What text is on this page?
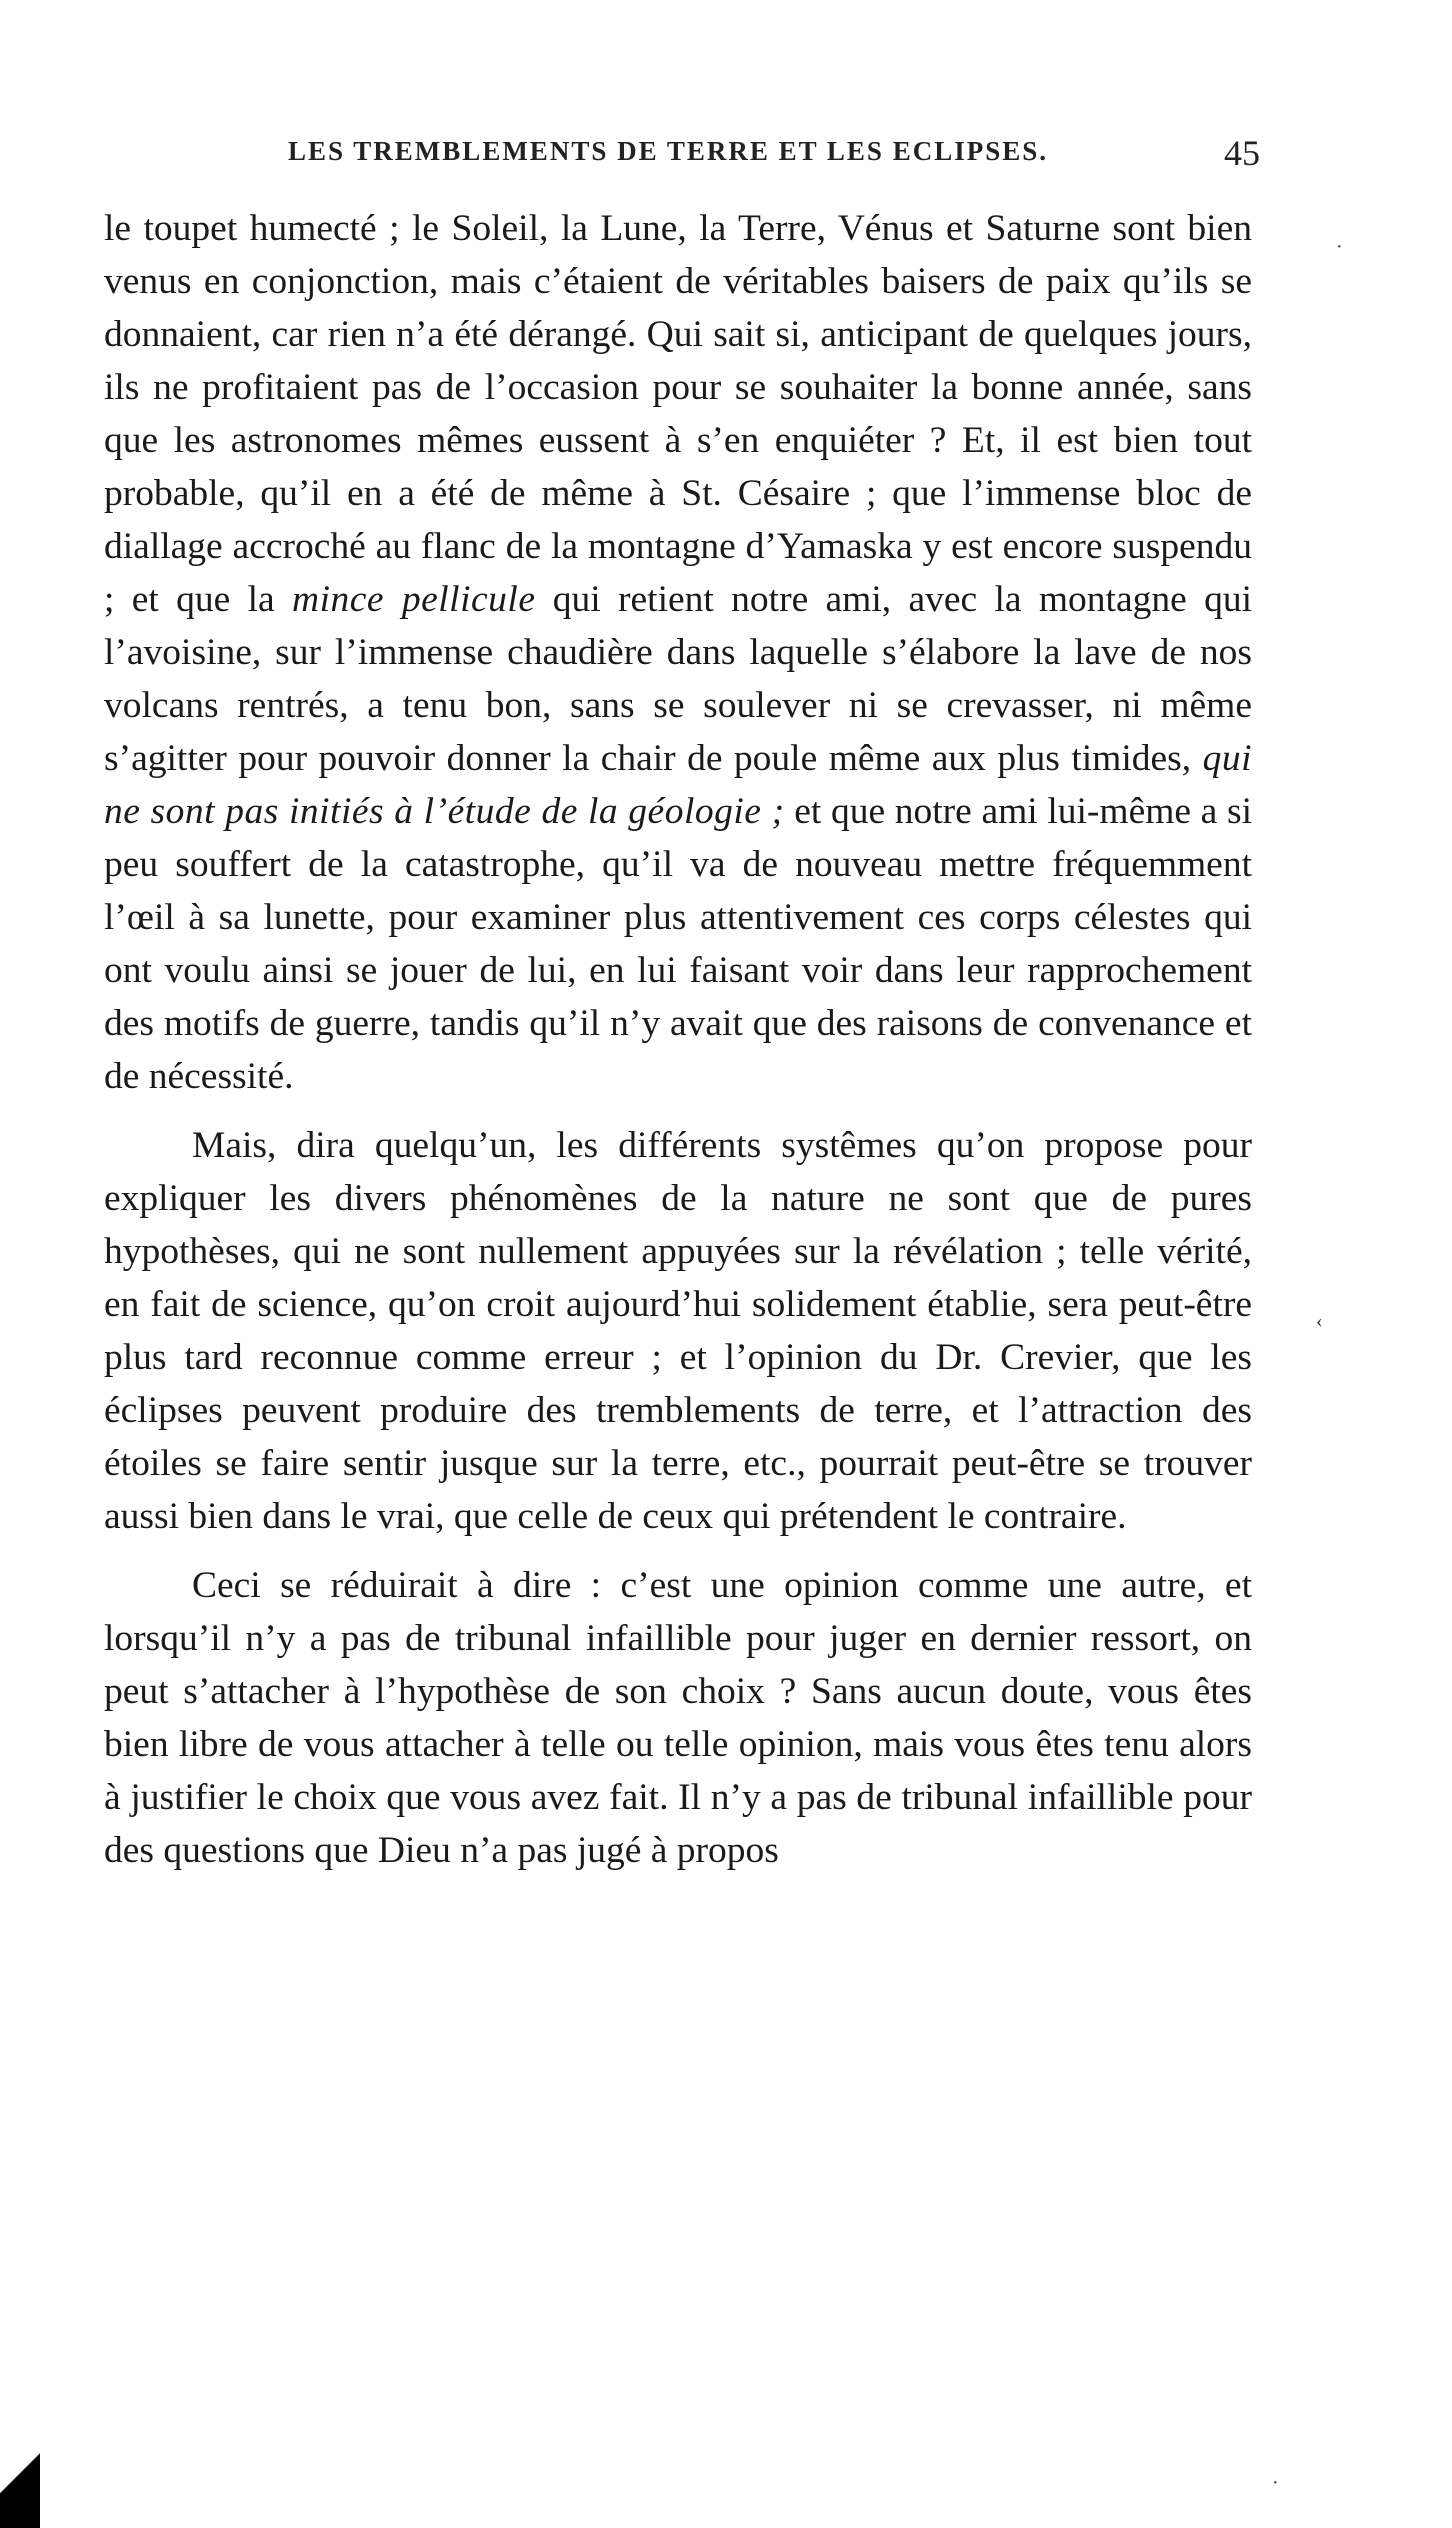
LES TREMBLEMENTS DE TERRE ET LES ECLIPSES.	45

le toupet humecté ; le Soleil, la Lune, la Terre, Vénus et Saturne sont bien venus en conjonction, mais c’étaient de véritables baisers de paix qu’ils se donnaient, car rien n’a été dérangé. Qui sait si, anticipant de quelques jours, ils ne profitaient pas de l’occasion pour se souhaiter la bonne année, sans que les astronomes mêmes eussent à s’en enquiéter ? Et, il est bien tout probable, qu’il en a été de même à St. Césaire ; que l’immense bloc de diallage accroché au flanc de la montagne d’Yamaska y est encore suspendu ; et que la mince pellicule qui retient notre ami, avec la montagne qui l’avoisine, sur l’immense chaudière dans laquelle s’élabore la lave de nos volcans rentrés, a tenu bon, sans se soulever ni se crevasser, ni même s’agitter pour pouvoir donner la chair de poule même aux plus timides, qui ne sont pas initiés à l’étude de la géologie ; et que notre ami lui-même a si peu souffert de la catastrophe, qu’il va de nouveau mettre fréquemment l’œil à sa lunette, pour examiner plus attentivement ces corps célestes qui ont voulu ainsi se jouer de lui, en lui faisant voir dans leur rapprochement des motifs de guerre, tandis qu’il n’y avait que des raisons de convenance et de nécessité.

Mais, dira quelqu’un, les différents systêmes qu’on propose pour expliquer les divers phénomènes de la nature ne sont que de pures hypothèses, qui ne sont nullement appuyées sur la révélation ; telle vérité, en fait de science, qu’on croit aujourd’hui solidement établie, sera peut-être plus tard reconnue comme erreur ; et l’opinion du Dr. Crevier, que les éclipses peuvent produire des tremblements de terre, et l’attraction des étoiles se faire sentir jusque sur la terre, etc., pourrait peut-être se trouver aussi bien dans le vrai, que celle de ceux qui prétendent le contraire.

Ceci se réduirait à dire : c’est une opinion comme une autre, et lorsqu’il n’y a pas de tribunal infaillible pour juger en dernier ressort, on peut s’attacher à l’hypothèse de son choix ? Sans aucun doute, vous êtes bien libre de vous attacher à telle ou telle opinion, mais vous êtes tenu alors à justifier le choix que vous avez fait. Il n’y a pas de tribunal infaillible pour des questions que Dieu n’a pas jugé à propos

·
‹
·
